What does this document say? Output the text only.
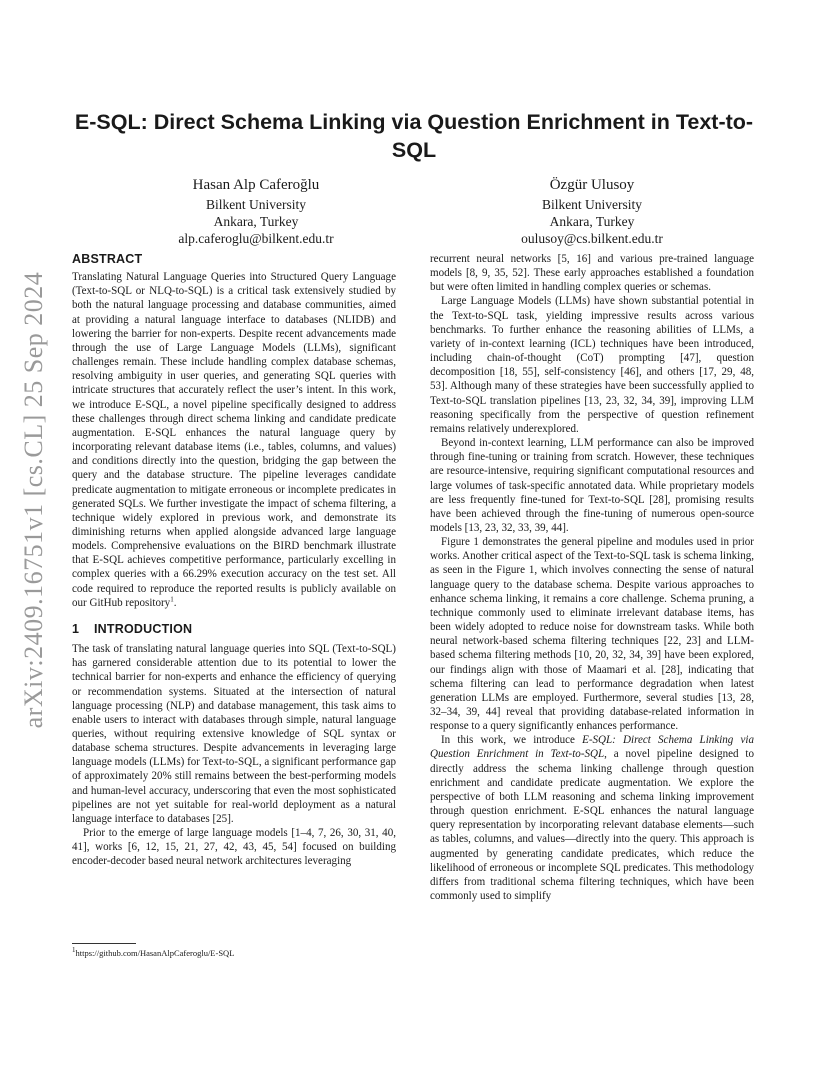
arXiv:2409.16751v1 [cs.CL] 25 Sep 2024
E-SQL: Direct Schema Linking via Question Enrichment in Text-to-SQL
Hasan Alp Caferoğlu
Bilkent University
Ankara, Turkey
alp.caferoglu@bilkent.edu.tr
Özgür Ulusoy
Bilkent University
Ankara, Turkey
oulusoy@cs.bilkent.edu.tr
ABSTRACT

Translating Natural Language Queries into Structured Query Language (Text-to-SQL or NLQ-to-SQL) is a critical task extensively studied by both the natural language processing and database communities, aimed at providing a natural language interface to databases (NLIDB) and lowering the barrier for non-experts. Despite recent advancements made through the use of Large Language Models (LLMs), significant challenges remain. These include handling complex database schemas, resolving ambiguity in user queries, and generating SQL queries with intricate structures that accurately reflect the user’s intent. In this work, we introduce E-SQL, a novel pipeline specifically designed to address these challenges through direct schema linking and candidate predicate augmentation. E-SQL enhances the natural language query by incorporating relevant database items (i.e., tables, columns, and values) and conditions directly into the question, bridging the gap between the query and the database structure. The pipeline leverages candidate predicate augmentation to mitigate erroneous or incomplete predicates in generated SQLs. We further investigate the impact of schema filtering, a technique widely explored in previous work, and demonstrate its diminishing returns when applied alongside advanced large language models. Comprehensive evaluations on the BIRD benchmark illustrate that E-SQL achieves competitive performance, particularly excelling in complex queries with a 66.29% execution accuracy on the test set. All code required to reproduce the reported results is publicly available on our GitHub repository$^1$.

1 INTRODUCTION

The task of translating natural language queries into SQL (Text-to-SQL) has garnered considerable attention due to its potential to lower the technical barrier for non-experts and enhance the efficiency of querying or recommendation systems. Situated at the intersection of natural language processing (NLP) and database management, this task aims to enable users to interact with databases through simple, natural language queries, without requiring extensive knowledge of SQL syntax or database schema structures. Despite advancements in leveraging large language models (LLMs) for Text-to-SQL, a significant performance gap of approximately 20% still remains between the best-performing models and human-level accuracy, underscoring that even the most sophisticated pipelines are not yet suitable for real-world deployment as a natural language interface to databases [25].

Prior to the emerge of large language models [1–4, 7, 26, 30, 31, 40, 41], works [6, 12, 15, 21, 27, 42, 43, 45, 54] focused on building encoder-decoder based neural network architectures leveraging

recurrent neural networks [5, 16] and various pre-trained language models [8, 9, 35, 52]. These early approaches established a foundation but were often limited in handling complex queries or schemas.

Large Language Models (LLMs) have shown substantial potential in the Text-to-SQL task, yielding impressive results across various benchmarks. To further enhance the reasoning abilities of LLMs, a variety of in-context learning (ICL) techniques have been introduced, including chain-of-thought (CoT) prompting [47], question decomposition [18, 55], self-consistency [46], and others [17, 29, 48, 53]. Although many of these strategies have been successfully applied to Text-to-SQL translation pipelines [13, 23, 32, 34, 39], improving LLM reasoning specifically from the perspective of question refinement remains relatively underexplored.

Beyond in-context learning, LLM performance can also be improved through fine-tuning or training from scratch. However, these techniques are resource-intensive, requiring significant computational resources and large volumes of task-specific annotated data. While proprietary models are less frequently fine-tuned for Text-to-SQL [28], promising results have been achieved through the fine-tuning of numerous open-source models [13, 23, 32, 33, 39, 44].

Figure 1 demonstrates the general pipeline and modules used in prior works. Another critical aspect of the Text-to-SQL task is schema linking, as seen in the Figure 1, which involves connecting the sense of natural language query to the database schema. Despite various approaches to enhance schema linking, it remains a core challenge. Schema pruning, a technique commonly used to eliminate irrelevant database items, has been widely adopted to reduce noise for downstream tasks. While both neural network-based schema filtering techniques [22, 23] and LLM-based schema filtering methods [10, 20, 32, 34, 39] have been explored, our findings align with those of Maamari et al. [28], indicating that schema filtering can lead to performance degradation when latest generation LLMs are employed. Furthermore, several studies [13, 28, 32–34, 39, 44] reveal that providing database-related information in response to a query significantly enhances performance.

In this work, we introduce E-SQL: Direct Schema Linking via Question Enrichment in Text-to-SQL, a novel pipeline designed to directly address the schema linking challenge through question enrichment and candidate predicate augmentation. We explore the perspective of both LLM reasoning and schema linking improvement through question enrichment. E-SQL enhances the natural language query representation by incorporating relevant database elements—such as tables, columns, and values—directly into the query. This approach is augmented by generating candidate predicates, which reduce the likelihood of erroneous or incomplete SQL predicates. This methodology differs from traditional schema filtering techniques, which have been commonly used to simplify

$^1$https://github.com/HasanAlpCaferoglu/E-SQL
